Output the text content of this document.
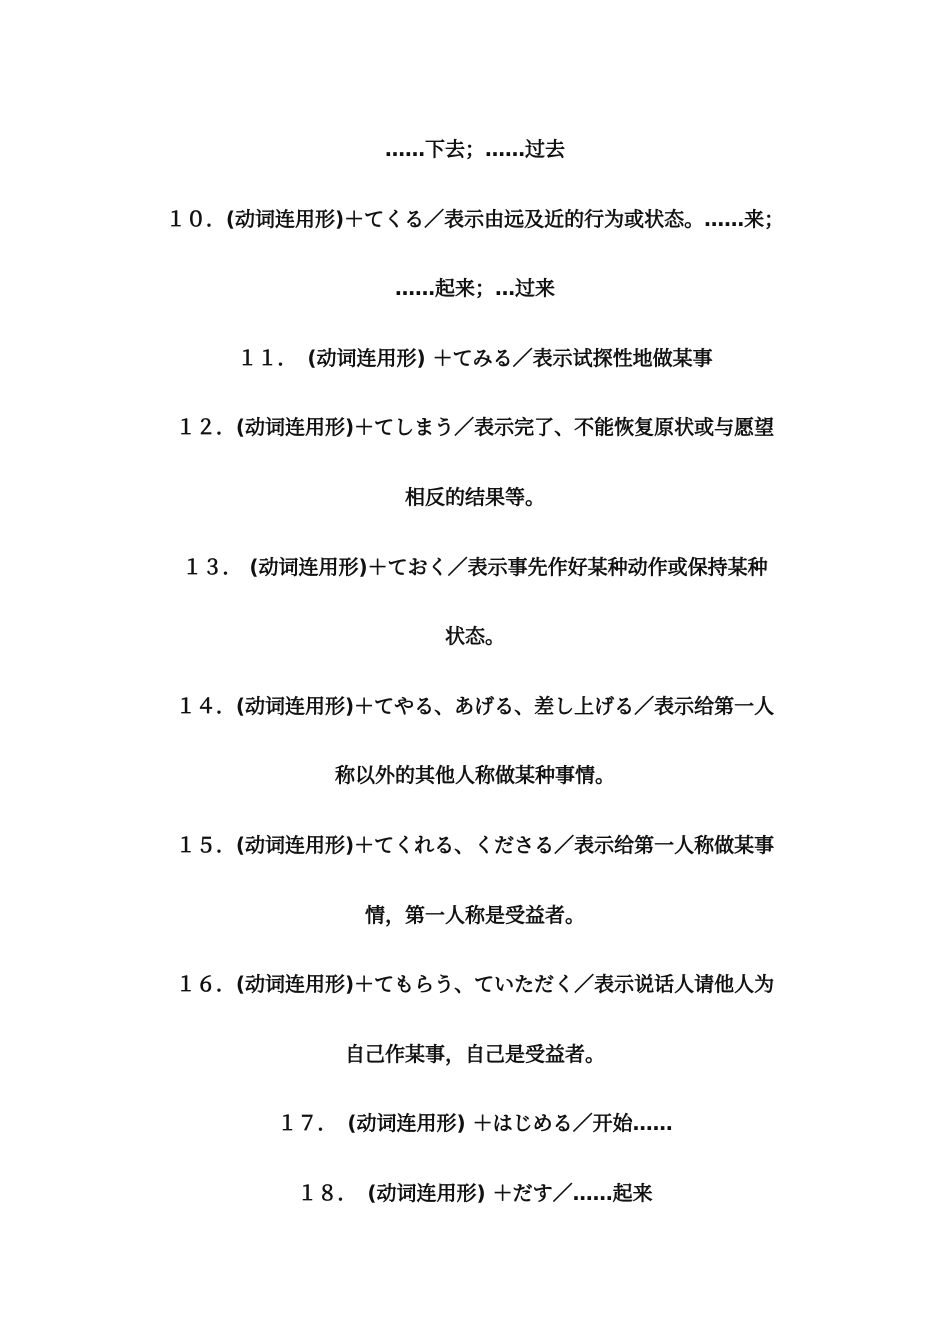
……下去；……过去
１０．(动词连用形)＋てくる／表示由远及近的行为或状态。……来；
……起来；…过来
１１．　(动词连用形) ＋てみる／表示试探性地做某事
１２．(动词连用形)＋てしまう／表示完了、不能恢复原状或与愿望
相反的结果等。
１３． (动词连用形)＋ておく／表示事先作好某种动作或保持某种
状态。
１４．(动词连用形)＋てやる、あげる、差し上げる／表示给第一人
称以外的其他人称做某种事情。
１５．(动词连用形)＋てくれる、くださる／表示给第一人称做某事
情，第一人称是受益者。
１６．(动词连用形)＋てもらう、ていただく／表示说话人请他人为
自己作某事，自己是受益者。
１７．　(动词连用形) ＋はじめる／开始……
１８．　(动词连用形) ＋だす／……起来
